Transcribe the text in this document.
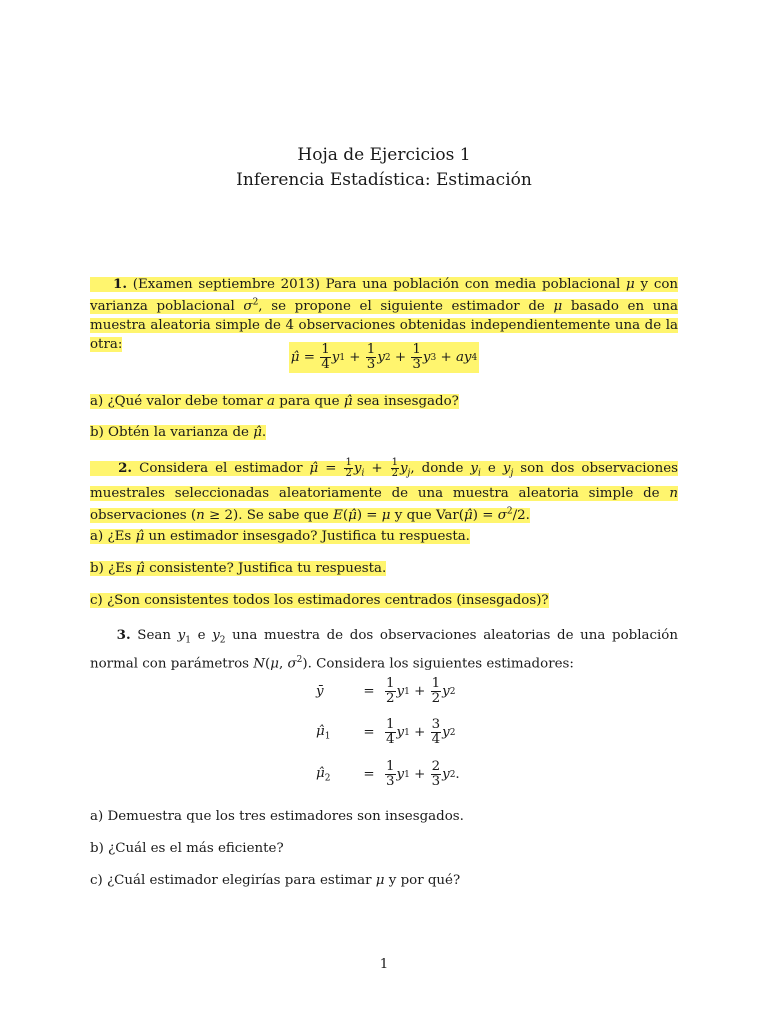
Hoja de Ejercicios 1
Inferencia Estadística: Estimación
1. (Examen septiembre 2013) Para una población con media poblacional μ y con varianza poblacional $\sigma^2$, se propone el siguiente estimador de μ basado en una muestra aleatoria simple de 4 observaciones obtenidas independientemente una de la otra:
μ̂ = $\frac{1}{4}$ y $1 + \frac{1}{3}$ y $2 + \frac{1}{3}$ y 3 + ay 4
a) ¿Qué valor debe tomar a para que μ̂ sea insesgado?
b) Obtén la varianza de μ̂.
2. Considera el estimador μ̂ = $\frac{1}{2} y_i + \frac{1}{2} y_j$, donde $y_i$ e $y_j$ son dos observaciones muestrales seleccionadas aleatoriamente de una muestra aleatoria simple de n observaciones (n ≥ 2). Se sabe que E(μ̂) = μ y que Var(μ̂) = $\sigma^2/2$.
a) ¿Es μ̂ un estimador insesgado? Justifica tu respuesta.
b) ¿Es μ̂ consistente? Justifica tu respuesta.
c) ¿Son consistentes todos los estimadores centrados (insesgados)?
3. Sean $y_1$ e $y_2$ una muestra de dos observaciones aleatorias de una población normal con parámetros N(μ, $\sigma^2$). Considera los siguientes estimadores:
ȳ	= $\frac{1}{2}$ y $1 + \frac{1}{2}$ y 2
$\mû_1$	= $\frac{1}{4}$ y $1 + \frac{3}{4}$ y 2
$\mû_2$	= $\frac{1}{3}$ y $1 + \frac{2}{3}$ y 2 .
a) Demuestra que los tres estimadores son insesgados.
b) ¿Cuál es el más eficiente?
c) ¿Cuál estimador elegirías para estimar μ y por qué?
1
